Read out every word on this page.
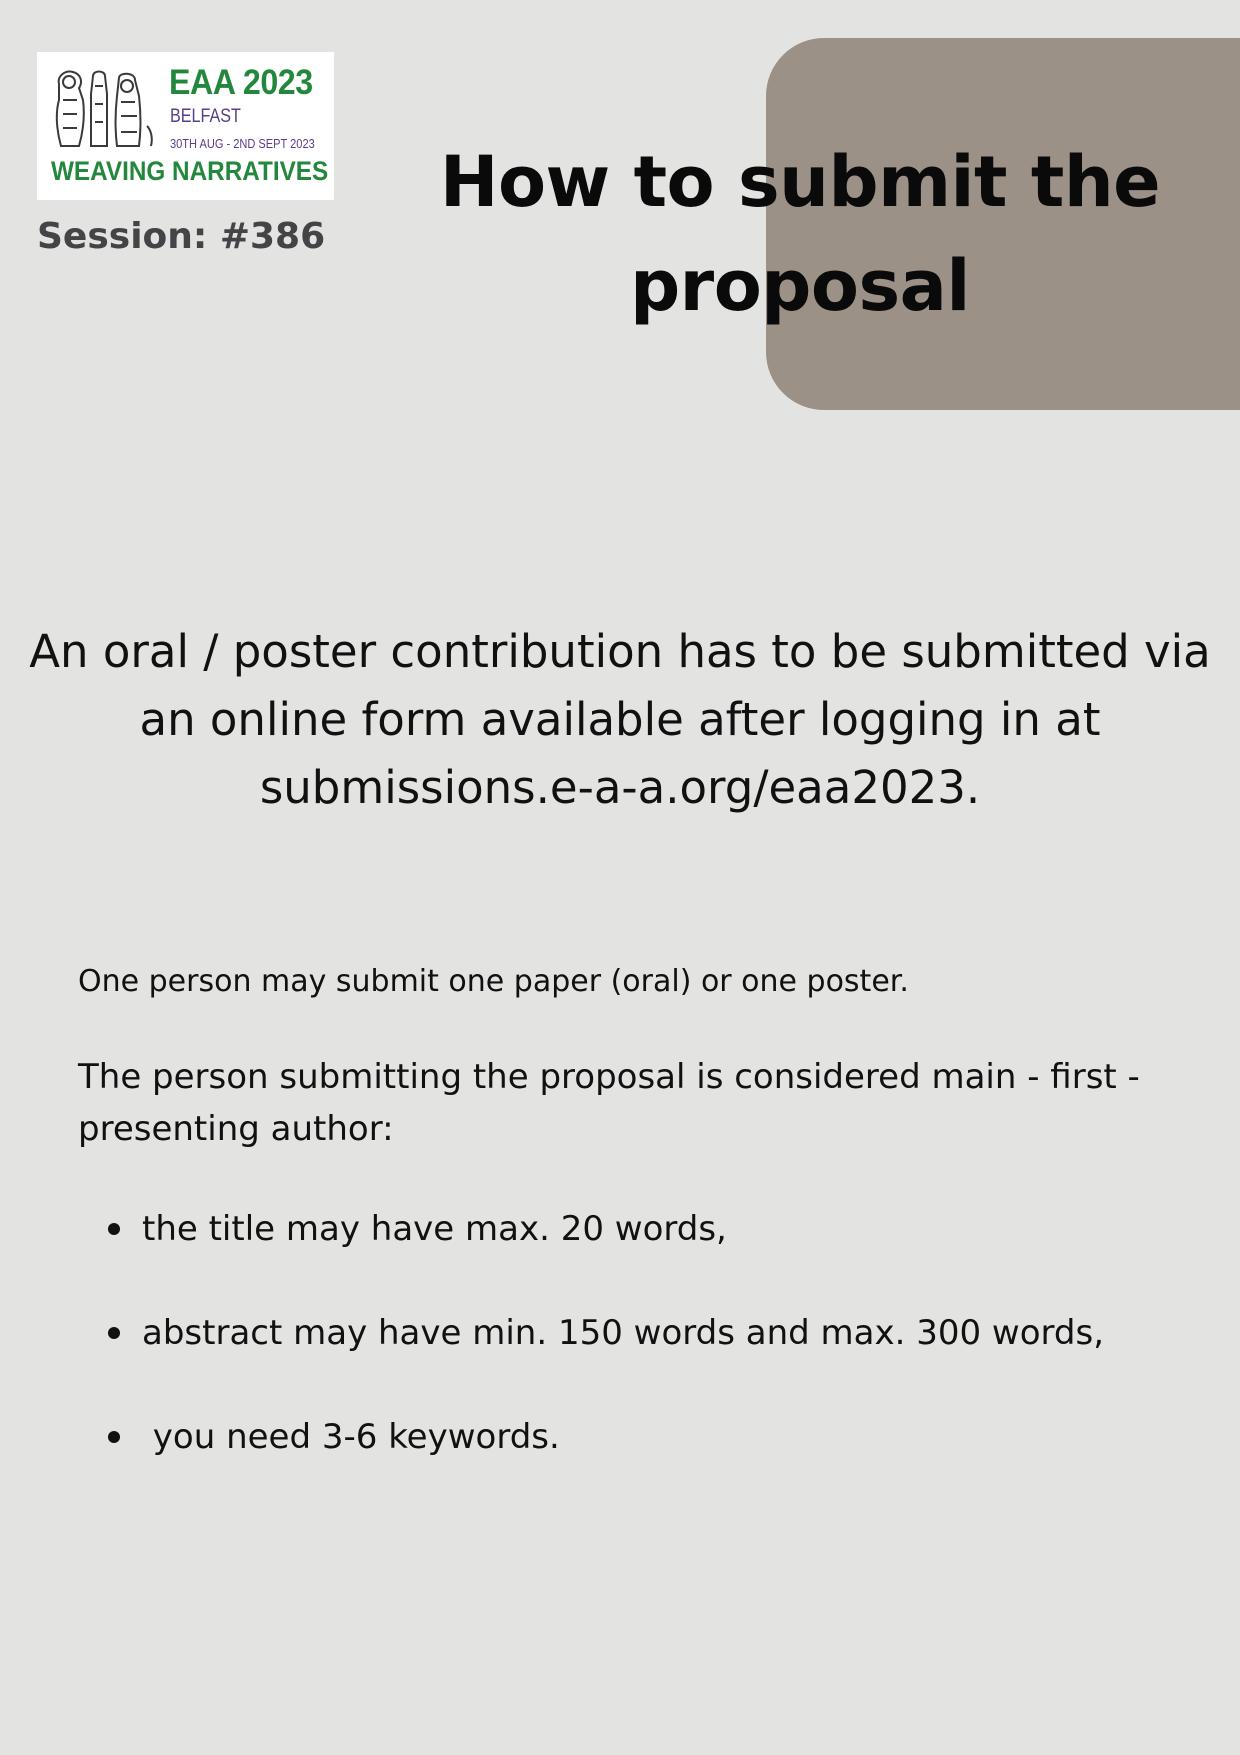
EAA 2023
BELFAST
30TH AUG - 2ND SEPT 2023
WEAVING NARRATIVES
Session: #386
How to submit the proposal
An oral / poster contribution has to be submitted via an online form available after logging in at submissions.e-a-a.org/eaa2023.
One person may submit one paper (oral) or one poster.
The person submitting the proposal is considered main - first - presenting author:
the title may have max. 20 words,
abstract may have min. 150 words and max. 300 words,
you need 3-6 keywords.
